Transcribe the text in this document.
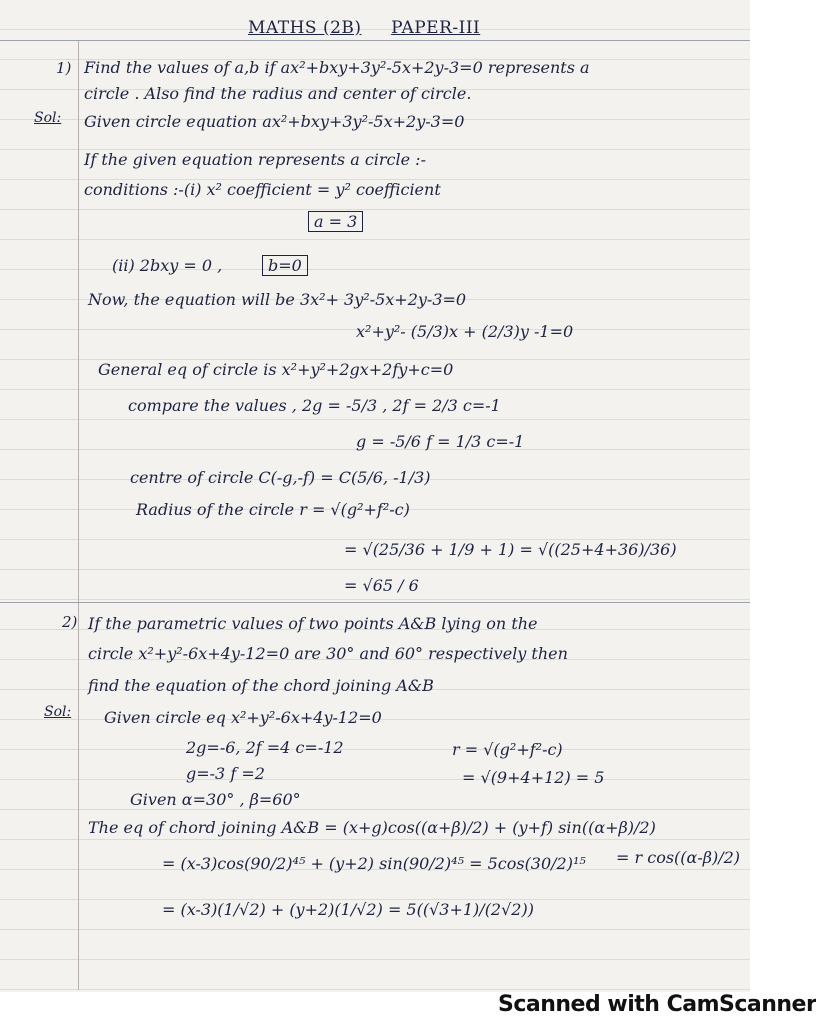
MATHS (2B) PAPER-III
1) Find the values of a,b if ax²+bxy+3y²-5x+2y-3=0 represents a
circle . Also find the radius and center of circle.
Sol: Given circle equation ax²+bxy+3y²-5x+2y-3=0
If the given equation represents a circle :-
conditions :-(i) x² coefficient = y² coefficient
a = 3
(ii) 2bxy = 0 ,	b=0
Now, the equation will be 3x²+ 3y²-5x+2y-3=0
x²+y²- (5/3)x + (2/3)y -1=0
General eq of circle is x²+y²+2gx+2fy+c=0
compare the values , 2g = -5/3 , 2f = 2/3 c=-1
g = -5/6 f = 1/3 c=-1
centre of circle C(-g,-f) = C(5/6, -1/3)
Radius of the circle r = √(g²+f²-c)
= √(25/36 + 1/9 + 1) = √((25+4+36)/36)
= √65 / 6
2) If the parametric values of two points A&B lying on the
circle x²+y²-6x+4y-12=0 are 30° and 60° respectively then
find the equation of the chord joining A&B
Sol: Given circle eq x²+y²-6x+4y-12=0
2g=-6, 2f =4 c=-12	r = √(g²+f²-c)
g=-3 f =2	= √(9+4+12) = 5
Given α=30° , β=60°
The eq of chord joining A&B = (x+g)cos((α+β)/2) + (y+f) sin((α+β)/2)
= (x-3)cos(90/2)⁴⁵ + (y+2) sin(90/2)⁴⁵ = 5cos(30/2)¹⁵ = r cos((α-β)/2)
= (x-3)(1/√2) + (y+2)(1/√2) = 5((√3+1)/(2√2))
Scanned with CamScanner
